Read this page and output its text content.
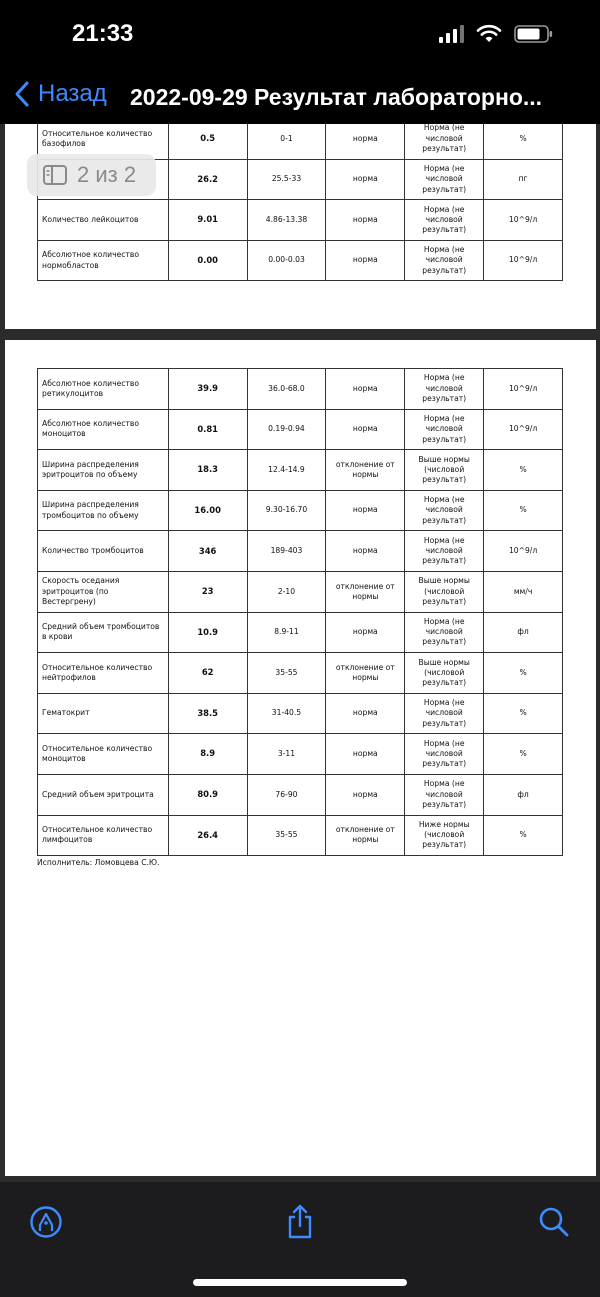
21:33
Назад 2022-09-29 Результат лабораторно...
Относительное количество базофилов	0.5	0-1	норма	Норма (не числовой результат)	%
	26.2	25.5-33	норма	Норма (не числовой результат)	пг
Количество лейкоцитов	9.01	4.86-13.38	норма	Норма (не числовой результат)	10^9/л
Абсолютное количество нормобластов	0.00	0.00-0.03	норма	Норма (не числовой результат)	10^9/л
Абсолютное количество ретикулоцитов	39.9	36.0-68.0	норма	Норма (не числовой результат)	10^9/л
Абсолютное количество моноцитов	0.81	0.19-0.94	норма	Норма (не числовой результат)	10^9/л
Ширина распределения эритроцитов по объему	18.3	12.4-14.9	отклонение от нормы	Выше нормы (числовой результат)	%
Ширина распределения тромбоцитов по объему	16.00	9.30-16.70	норма	Норма (не числовой результат)	%
Количество тромбоцитов	346	189-403	норма	Норма (не числовой результат)	10^9/л
Скорость оседания эритроцитов (по Вестергрену)	23	2-10	отклонение от нормы	Выше нормы (числовой результат)	мм/ч
Средний объем тромбоцитов в крови	10.9	8.9-11	норма	Норма (не числовой результат)	фл
Относительное количество нейтрофилов	62	35-55	отклонение от нормы	Выше нормы (числовой результат)	%
Гематокрит	38.5	31-40.5	норма	Норма (не числовой результат)	%
Относительное количество моноцитов	8.9	3-11	норма	Норма (не числовой результат)	%
Средний объем эритроцита	80.9	76-90	норма	Норма (не числовой результат)	фл
Относительное количество лимфоцитов	26.4	35-55	отклонение от нормы	Ниже нормы (числовой результат)	%
Исполнитель: Ломовцева С.Ю.
2 из 2
